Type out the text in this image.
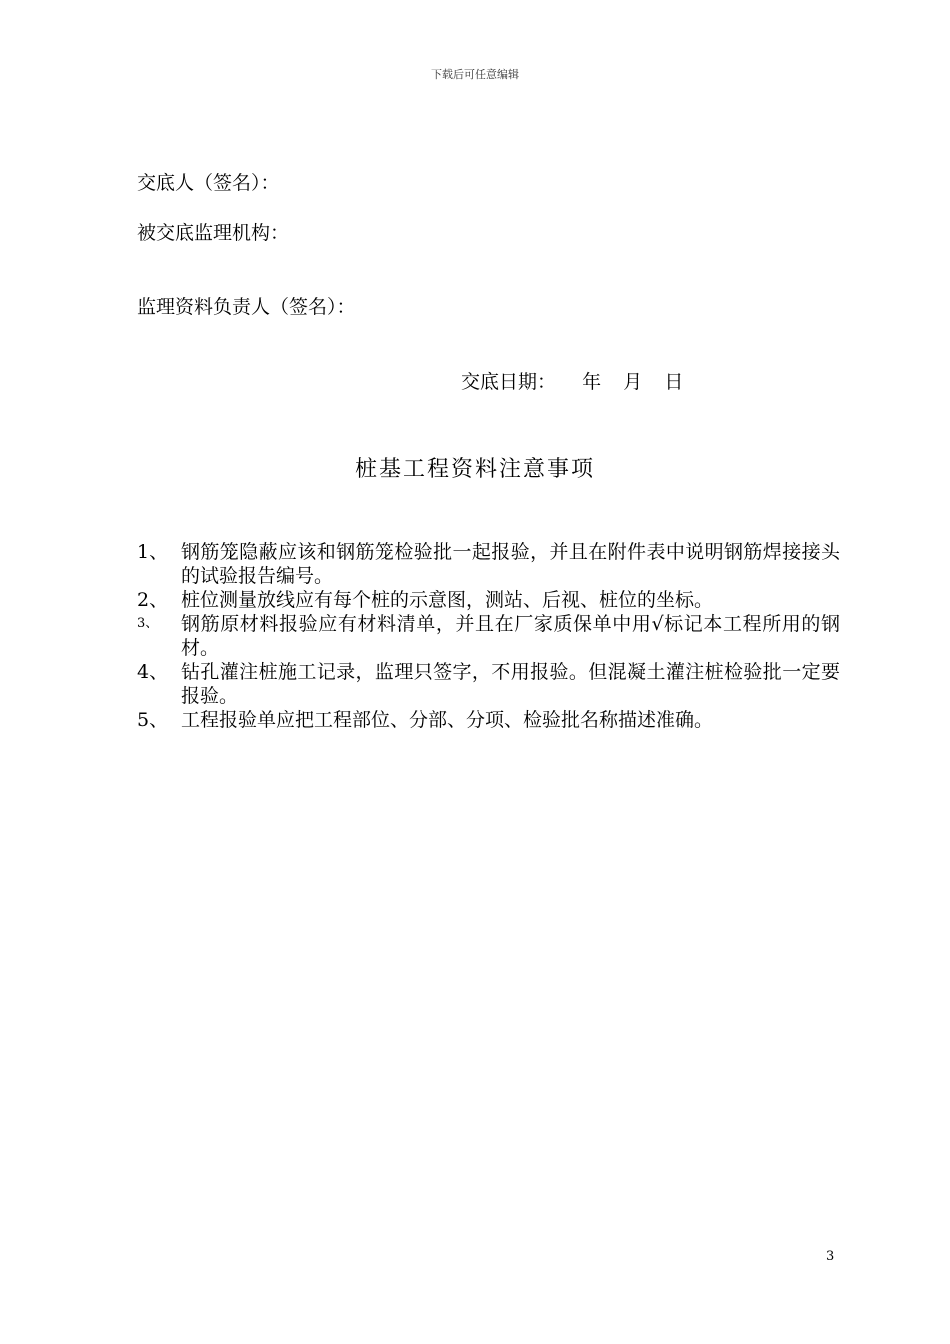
下载后可任意编辑
交底人（签名）：
被交底监理机构：
监理资料负责人（签名）：
交底日期： 年 月 日
桩基工程资料注意事项
1、 钢筋笼隐蔽应该和钢筋笼检验批一起报验，并且在附件表中说明钢筋焊接接头的试验报告编号。
2、 桩位测量放线应有每个桩的示意图，测站、后视、桩位的坐标。
3、	钢筋原材料报验应有材料清单，并且在厂家质保单中用√标记本工程所用的钢材。
4、 钻孔灌注桩施工记录，监理只签字，不用报验。但混凝土灌注桩检验批一定要报验。
5、 工程报验单应把工程部位、分部、分项、检验批名称描述准确。
3
